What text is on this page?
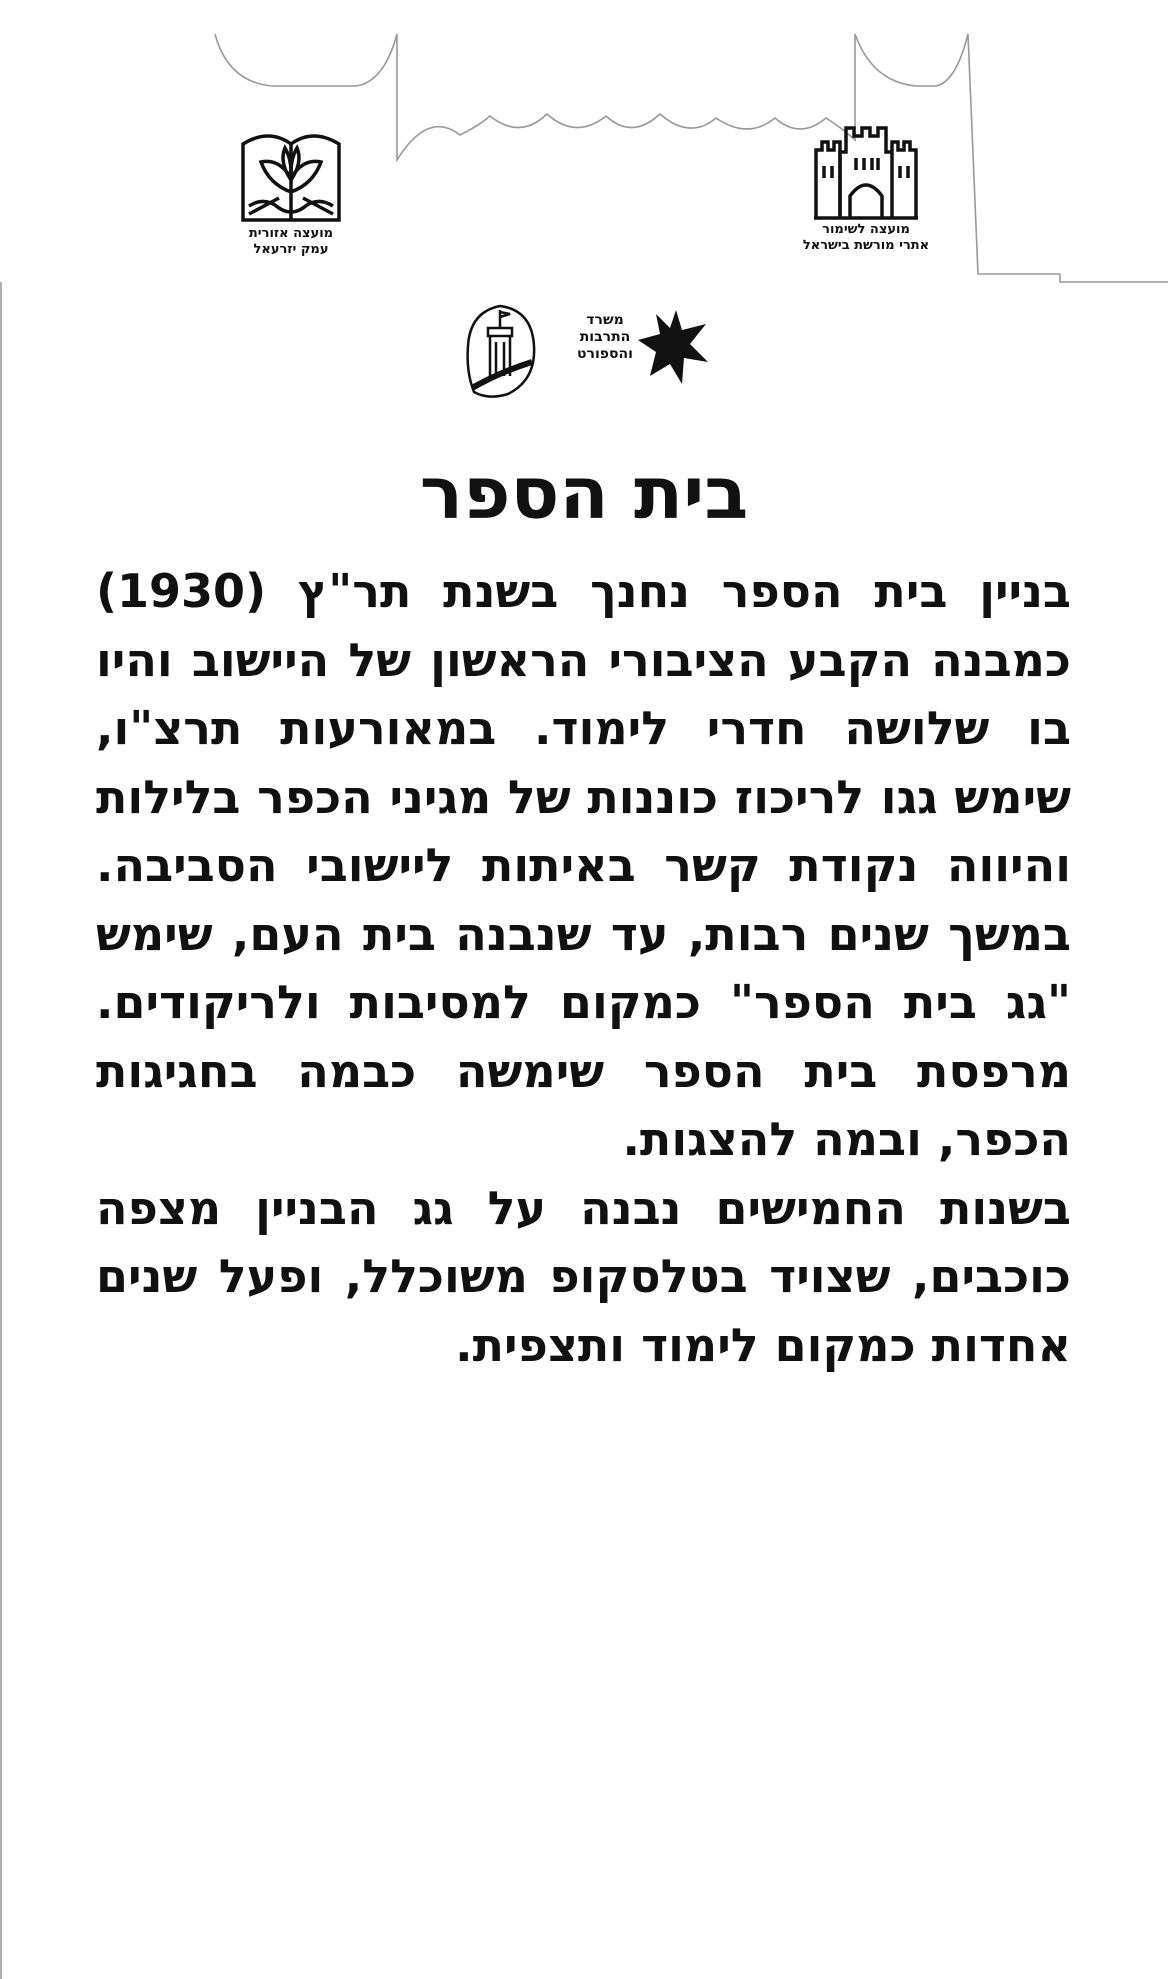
מועצה אזורית
עמק יזרעאל
מועצה לשימור
אתרי מורשת בישראל
משרד
התרבות
והספורט
בית הספר

בניין בית הספר נחנך בשנת תר"ץ (1930) כמבנה הקבע הציבורי הראשון של היישוב והיו בו שלושה חדרי לימוד. במאורעות תרצ"ו, שימש גגו לריכוז כוננות של מגיני הכפר בלילות והיווה נקודת קשר באיתות ליישובי הסביבה. במשך שנים רבות, עד שנבנה בית העם, שימש "גג בית הספר" כמקום למסיבות ולריקודים. מרפסת בית הספר שימשה כבמה בחגיגות הכפר, ובמה להצגות.

בשנות החמישים נבנה על גג הבניין מצפה כוכבים, שצויד בטלסקופ משוכלל, ופעל שנים אחדות כמקום לימוד ותצפית.
